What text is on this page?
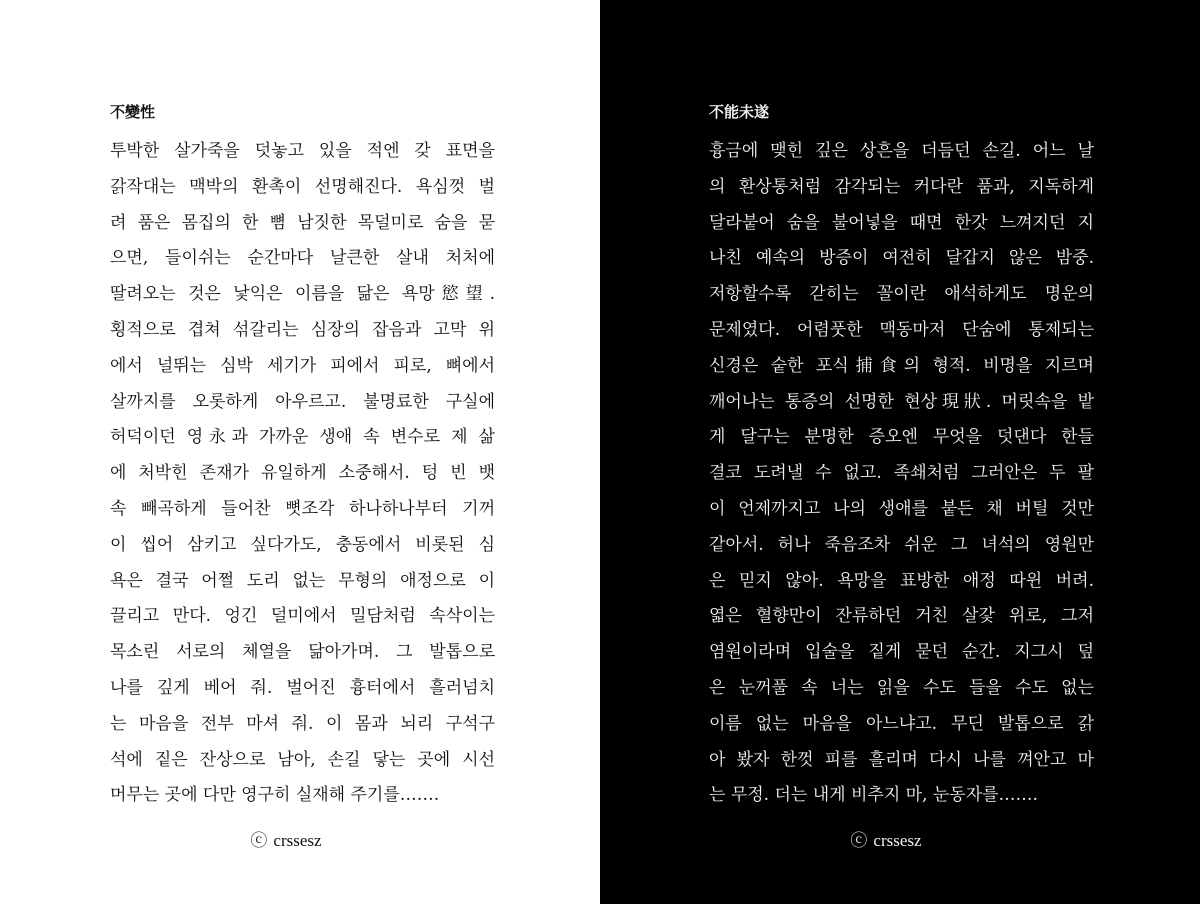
不變性
투박한 살가죽을 덧놓고 있을 적엔 갖 표면을
갉작대는 맥박의 환촉이 선명해진다. 욕심껏 벌
려 품은 몸집의 한 뼘 남짓한 목덜미로 숨을 묻
으면, 들이쉬는 순간마다 날큰한 살내 처처에
딸려오는 것은 낯익은 이름을 닮은 욕망慾望.
횡적으로 겹쳐 섞갈리는 심장의 잡음과 고막 위
에서 널뛰는 심박 세기가 피에서 피로, 뼈에서
살까지를 오롯하게 아우르고. 불명료한 구실에
허덕이던 영永과 가까운 생애 속 변수로 제 삶
에 처박힌 존재가 유일하게 소중해서. 텅 빈 뱃
속 빼곡하게 들어찬 뼛조각 하나하나부터 기꺼
이 씹어 삼키고 싶다가도, 충동에서 비롯된 심
욕은 결국 어쩔 도리 없는 무형의 애정으로 이
끌리고 만다. 엉긴 덜미에서 밀담처럼 속삭이는
목소린 서로의 체열을 닮아가며. 그 발톱으로
나를 깊게 베어 줘. 벌어진 흉터에서 흘러넘치
는 마음을 전부 마셔 줘. 이 몸과 뇌리 구석구
석에 짙은 잔상으로 남아, 손길 닿는 곳에 시선
머무는 곳에 다만 영구히 실재해 주기를…….
ⓒ crssesz
不能未遂
흉금에 맺힌 깊은 상흔을 더듬던 손길. 어느 날
의 환상통처럼 감각되는 커다란 품과, 지독하게
달라붙어 숨을 불어넣을 때면 한갓 느껴지던 지
나친 예속의 방증이 여전히 달갑지 않은 밤중.
저항할수록 갇히는 꼴이란 애석하게도 명운의
문제였다. 어렴풋한 맥동마저 단숨에 통제되는
신경은 숱한 포식捕食의 형적. 비명을 지르며
깨어나는 통증의 선명한 현상現狀. 머릿속을 밭
게 달구는 분명한 증오엔 무엇을 덧댄다 한들
결코 도려낼 수 없고. 족쇄처럼 그러안은 두 팔
이 언제까지고 나의 생애를 붙든 채 버틸 것만
같아서. 허나 죽음조차 쉬운 그 녀석의 영원만
은 믿지 않아. 욕망을 표방한 애정 따윈 버려.
엷은 혈향만이 잔류하던 거친 살갗 위로, 그저
염원이라며 입술을 짙게 묻던 순간. 지그시 덮
은 눈꺼풀 속 너는 읽을 수도 들을 수도 없는
이름 없는 마음을 아느냐고. 무딘 발톱으로 갉
아 봤자 한껏 피를 흘리며 다시 나를 껴안고 마
는 무정. 더는 내게 비추지 마, 눈동자를…….
ⓒ crssesz
